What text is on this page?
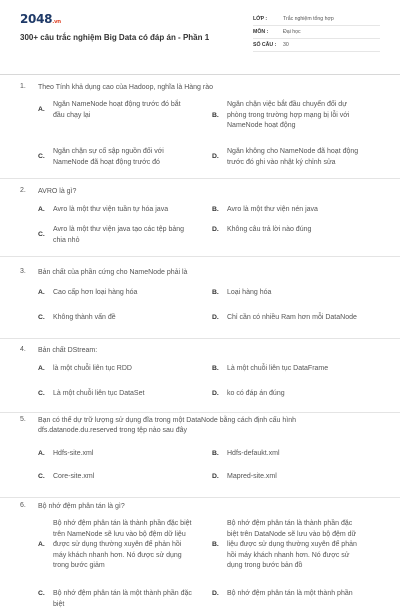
2048.vn
300+ câu trắc nghiệm Big Data có đáp án - Phần 1
LỚP :	Trắc nghiệm tổng hợp
MÔN :	Đại học
SỐ CÂU :	30
1. Theo Tính khả dụng cao của Hadoop, nghĩa là Hàng rào
A.
Ngăn NameNode hoạt động trước đó bắt
đầu chạy lại	B.
Ngăn chặn việc bắt đầu chuyển đổi dự
phòng trong trường hợp mạng bị lỗi với
NameNode hoạt động
C.
Ngăn chặn sự cố sập nguồn đối với
NameNode đã hoạt động trước đó
D.
Ngăn không cho NameNode đã hoạt động
trước đó ghi vào nhật ký chỉnh sửa
2. AVRO là gì?
A. Avro là một thư viện tuần tự hóa java	B. Avro là một thư viện nén java
C.
Avro là một thư viện java tạo các tệp bảng
chia nhỏ
D. Không câu trả lời nào đúng
3. Bản chất của phần cứng cho NameNode phải là
A. Cao cấp hơn loại hàng hóa	B. Loại hàng hóa
C. Không thành vấn đề	D. Chỉ cần có nhiều Ram hơn mỗi DataNode
4. Bản chất DStream:
A. là một chuỗi liên tục RDD	B. Là một chuỗi liên tục DataFrame
C. Là một chuỗi liên tục DataSet	D. ko có đáp án đúng
5. Bạn có thể dự trữ lượng sử dụng đĩa trong một DataNode bằng cách định cấu hình
dfs.datanode.du.reserved trong tệp nào sau đây
A. Hdfs-site.xml	B. Hdfs-defaukt.xml
C. Core-site.xml	D. Mapred-site.xml
6. Bộ nhớ đệm phân tán là gì?
A.
Bộ nhớ đệm phân tán là thành phần đặc biệt
trên NameNode sẽ lưu vào bộ đệm dữ liệu
được sử dụng thường xuyên để phản hồi
máy khách nhanh hơn. Nó được sử dụng
trong bước giảm
B.
Bộ nhớ đệm phân tán là thành phần đặc
biệt trên DataNode sẽ lưu vào bộ đệm dữ
liệu được sử dụng thường xuyên để phản
hồi máy khách nhanh hơn. Nó được sử
dụng trong bước bản đồ
C. Bộ nhớ đệm phân tán là một thành phần đặc biệt
D. Bộ nhớ đệm phân tán là một thành phần
